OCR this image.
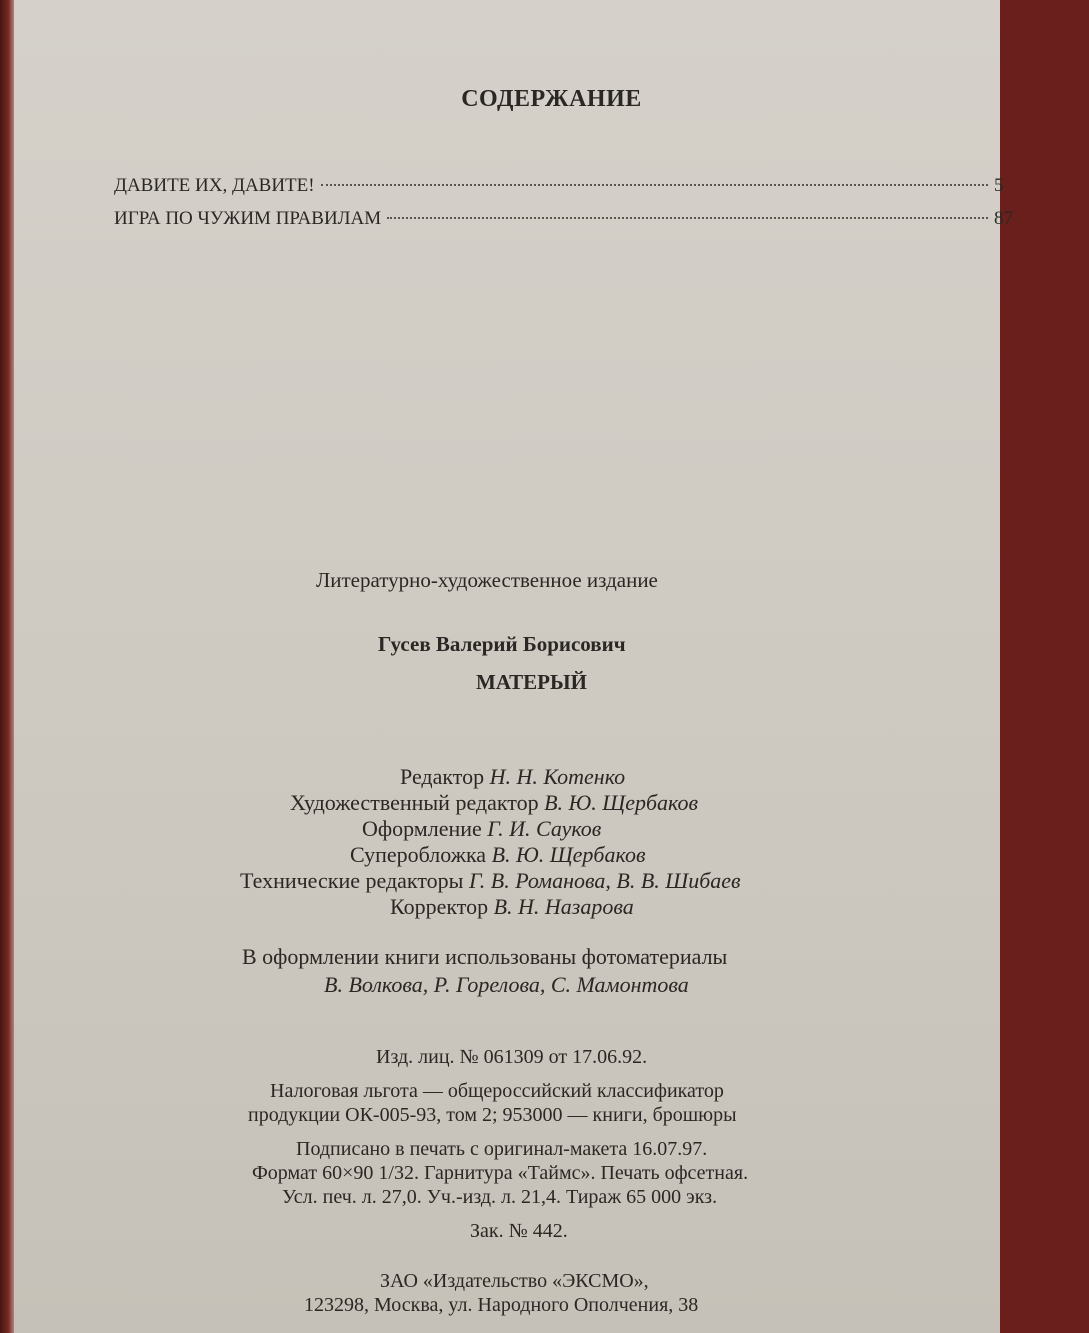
СОДЕРЖАНИЕ
ДАВИТЕ ИХ, ДАВИТЕ!	5
ИГРА ПО ЧУЖИМ ПРАВИЛАМ	87
Литературно-художественное издание
Гусев Валерий Борисович
МАТЕРЫЙ
Редактор Н. Н. Котенко
Художественный редактор В. Ю. Щербаков
Оформление Г. И. Сауков
Суперобложка В. Ю. Щербаков
Технические редакторы Г. В. Романова, В. В. Шибаев
Корректор В. Н. Назарова
В оформлении книги использованы фотоматериалы
В. Волкова, Р. Горелова, С. Мамонтова
Изд. лиц. № 061309 от 17.06.92.
Налоговая льгота — общероссийский классификатор
продукции ОК-005-93, том 2; 953000 — книги, брошюры
Подписано в печать с оригинал-макета 16.07.97.
Формат 60×90 1/32. Гарнитура «Таймс». Печать офсетная.
Усл. печ. л. 27,0. Уч.-изд. л. 21,4. Тираж 65 000 экз.
Зак. № 442.
ЗАО «Издательство «ЭКСМО»,
123298, Москва, ул. Народного Ополчения, 38
